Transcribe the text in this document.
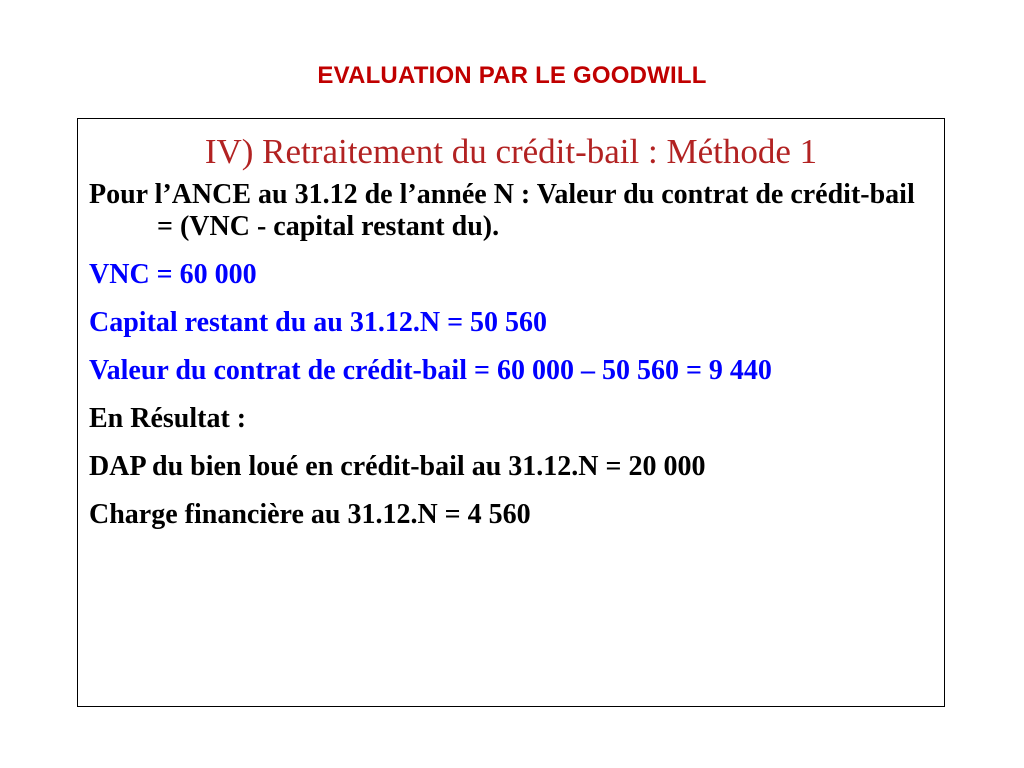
EVALUATION PAR LE GOODWILL

IV) Retraitement du crédit-bail : Méthode 1

Pour l’ANCE au 31.12 de l’année N : Valeur du contrat de crédit-bail = (VNC - capital restant du).

VNC = 60 000

Capital restant du au 31.12.N = 50 560

Valeur du contrat de crédit-bail = 60 000 – 50 560 = 9 440

En Résultat :

DAP du bien loué en crédit-bail au 31.12.N = 20 000

Charge financière au 31.12.N = 4 560
